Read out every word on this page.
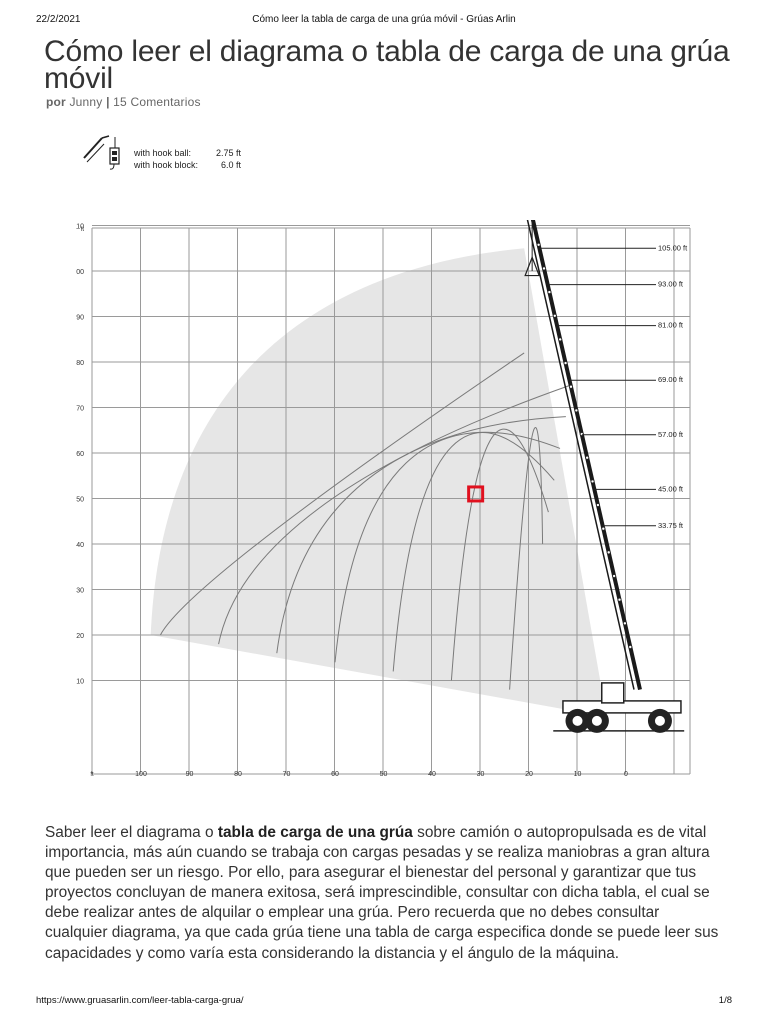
22/2/2021	Cómo leer la tabla de carga de una grúa móvil - Grúas Arlin
Cómo leer el diagrama o tabla de carga de una grúa móvil
por Junny | 15 Comentarios
with hook ball:	2.75 ft
with hook block:	6.0 ft
10
00
90
80
70
60
50
40
30
20
10
ft
100	90	80	70	60	50	40	30	20	10	0
ft
105.00 ft
93.00 ft
81.00 ft
69.00 ft
57.00 ft
45.00 ft
33.75 ft

Saber leer el diagrama o tabla de carga de una grúa sobre camión o autopropulsada es de vital importancia, más aún cuando se trabaja con cargas pesadas y se realiza maniobras a gran altura que pueden ser un riesgo. Por ello, para asegurar el bienestar del personal y garantizar que tus proyectos concluyan de manera exitosa, será imprescindible, consultar con dicha tabla, el cual se debe realizar antes de alquilar o emplear una grúa. Pero recuerda que no debes consultar cualquier diagrama, ya que cada grúa tiene una tabla de carga especifica donde se puede leer sus capacidades y como varía esta considerando la distancia y el ángulo de la máquina.

https://www.gruasarlin.com/leer-tabla-carga-grua/	1/8
